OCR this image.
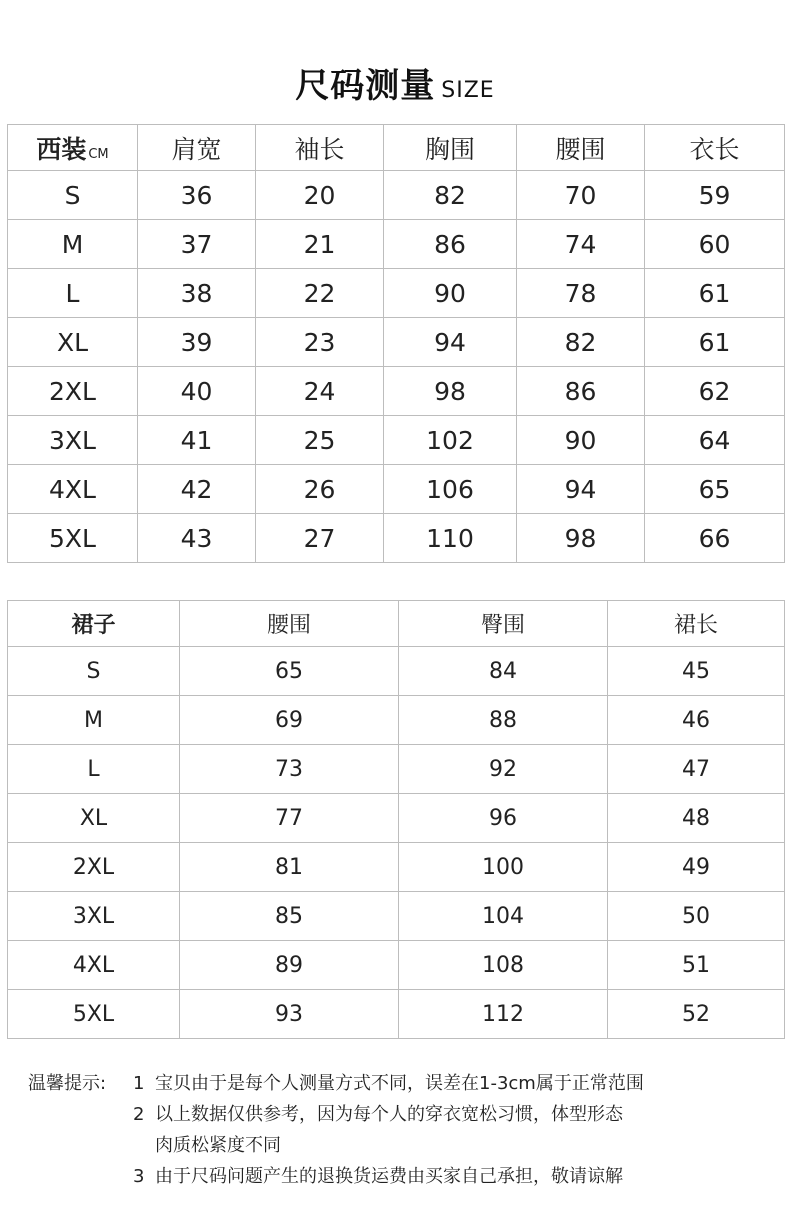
尺码测量 SIZE
西装 CM	肩宽	袖长	胸围	腰围	衣长
S	36	20	82	70	59
M	37	21	86	74	60
L	38	22	90	78	61
XL	39	23	94	82	61
2XL	40	24	98	86	62
3XL	41	25	102	90	64
4XL	42	26	106	94	65
5XL	43	27	110	98	66
裙子	腰围	臀围	裙长
S	65	84	45
M	69	88	46
L	73	92	47
XL	77	96	48
2XL	81	100	49
3XL	85	104	50
4XL	89	108	51
5XL	93	112	52
温馨提示:	1 宝贝由于是每个人测量方式不同，误差在1-3cm属于正常范围
2 以上数据仅供参考，因为每个人的穿衣宽松习惯，体型形态
肉质松紧度不同
3 由于尺码问题产生的退换货运费由买家自己承担，敬请谅解
